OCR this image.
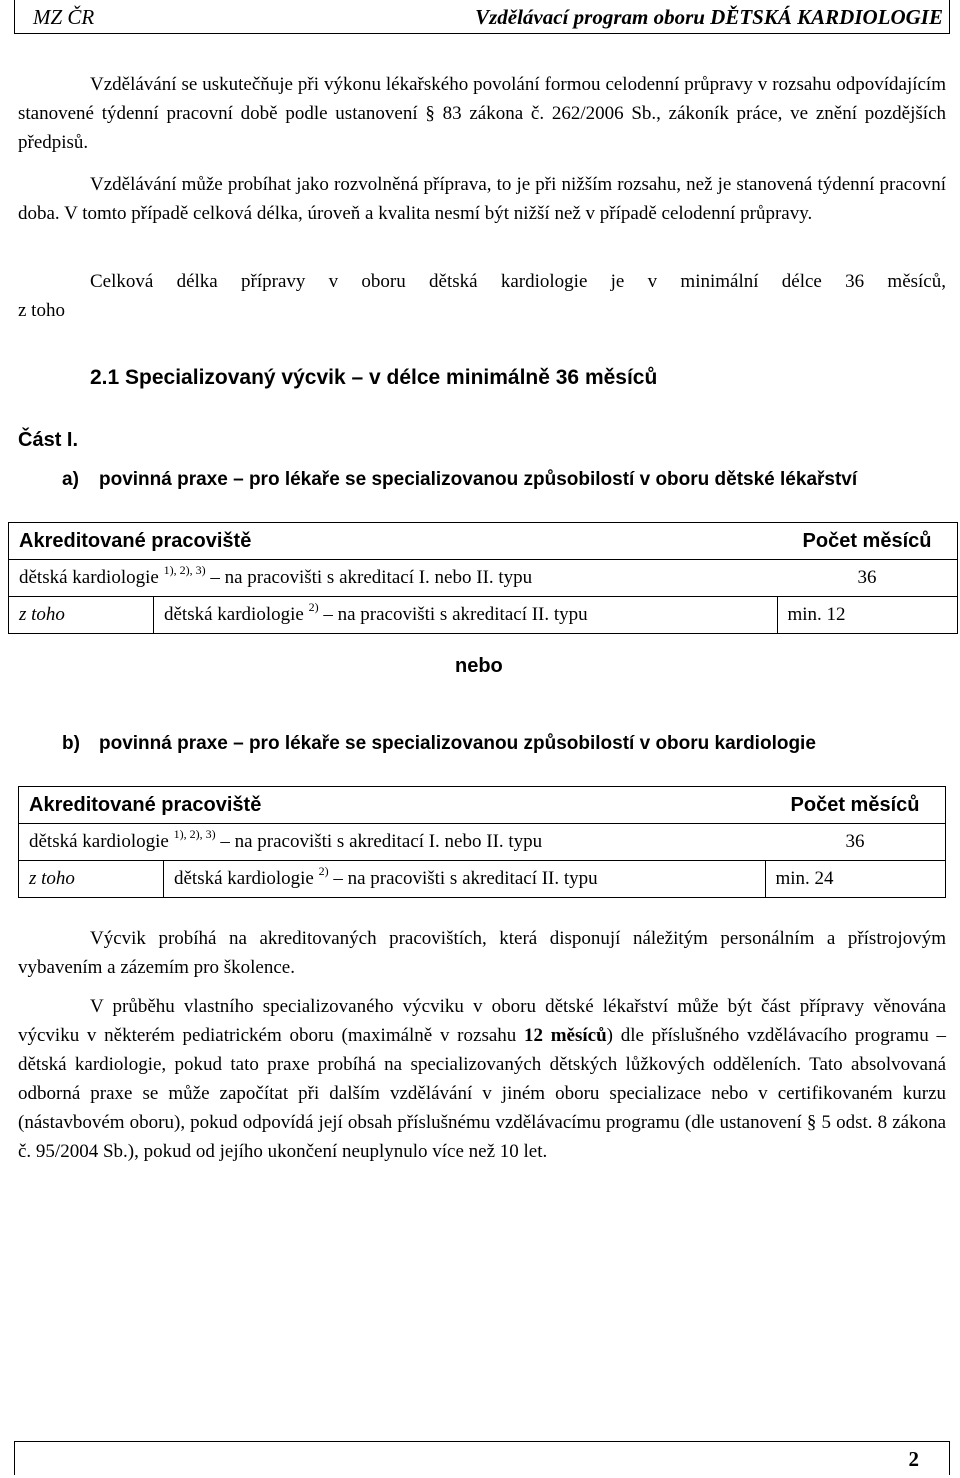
MZ ČR	Vzdělávací program oboru DĚTSKÁ KARDIOLOGIE
Vzdělávání se uskutečňuje při výkonu lékařského povolání formou celodenní průpravy v rozsahu odpovídajícím stanovené týdenní pracovní době podle ustanovení § 83 zákona č. 262/2006 Sb., zákoník práce, ve znění pozdějších předpisů.
Vzdělávání může probíhat jako rozvolněná příprava, to je při nižším rozsahu, než je stanovená týdenní pracovní doba. V tomto případě celková délka, úroveň a kvalita nesmí být nižší než v případě celodenní průpravy.
Celková délka přípravy v oboru dětská kardiologie je v minimální délce 36 měsíců,
z toho
2.1 Specializovaný výcvik – v délce minimálně 36 měsíců
Část I.
a) povinná praxe – pro lékaře se specializovanou způsobilostí v oboru dětské lékařství
Akreditované pracoviště		Počet měsíců
dětská kardiologie $^{1), 2), 3)}$ – na pracovišti s akreditací I. nebo II. typu		36
z toho	dětská kardiologie $^{2)}$ – na pracovišti s akreditací II. typu	min. 12
nebo
b) povinná praxe – pro lékaře se specializovanou způsobilostí v oboru kardiologie
Akreditované pracoviště		Počet měsíců
dětská kardiologie $^{1), 2), 3)}$ – na pracovišti s akreditací I. nebo II. typu		36
z toho	dětská kardiologie $^{2)}$ – na pracovišti s akreditací II. typu	min. 24
Výcvik probíhá na akreditovaných pracovištích, která disponují náležitým personálním a přístrojovým vybavením a zázemím pro školence.
V průběhu vlastního specializovaného výcviku v oboru dětské lékařství může být část přípravy věnována výcviku v některém pediatrickém oboru (maximálně v rozsahu 12 měsíců) dle příslušného vzdělávacího programu – dětská kardiologie, pokud tato praxe probíhá na specializovaných dětských lůžkových odděleních. Tato absolvovaná odborná praxe se může započítat při dalším vzdělávání v jiném oboru specializace nebo v certifikovaném kurzu (nástavbovém oboru), pokud odpovídá její obsah příslušnému vzdělávacímu programu (dle ustanovení § 5 odst. 8 zákona č. 95/2004 Sb.), pokud od jejího ukončení neuplynulo více než 10 let.
2
